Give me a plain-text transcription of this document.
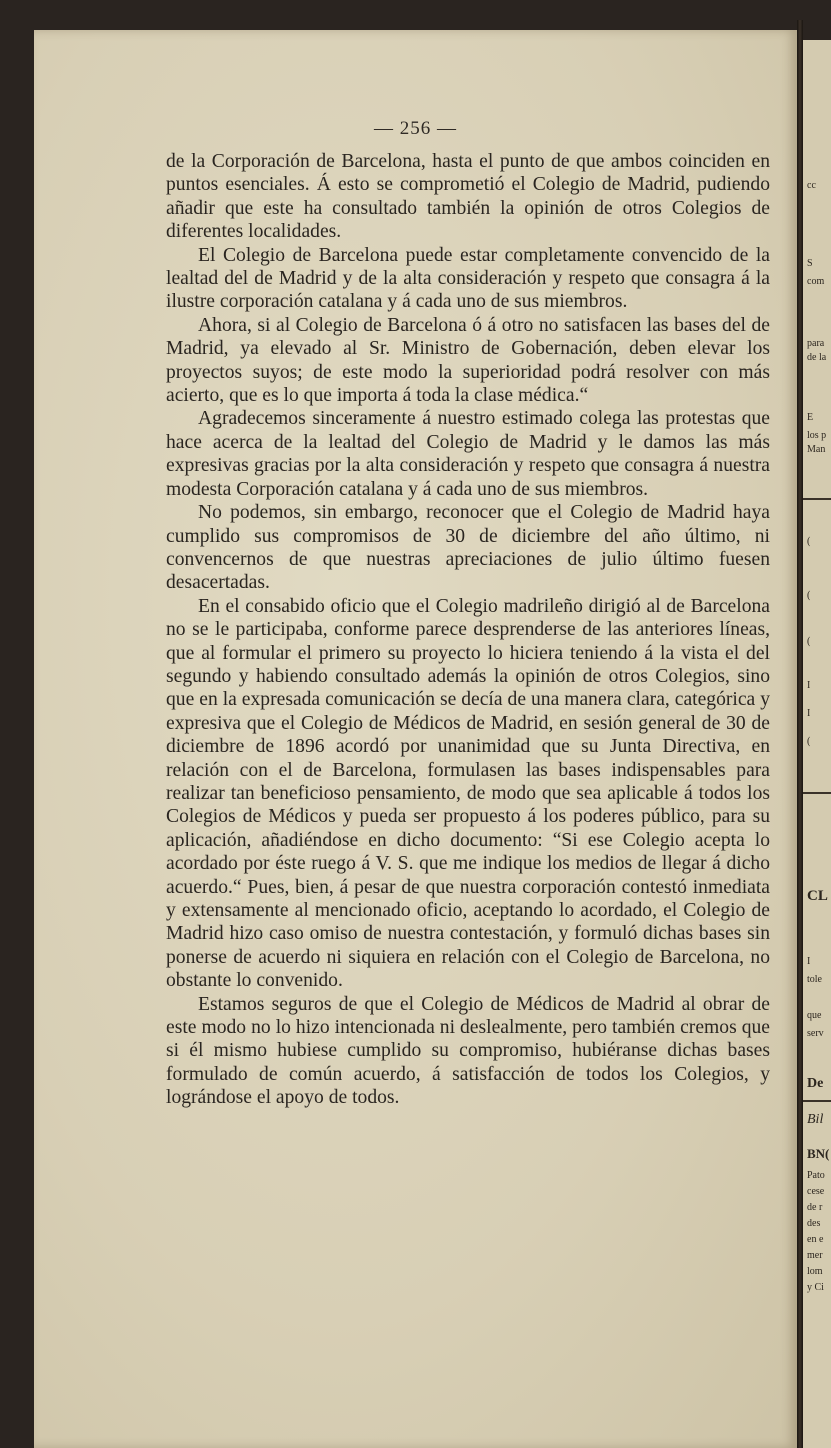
cc
S
com
para
de la
E
los p
Man
(
(
(
I
I
(
CL
I
tole
que
serv
De
Bil
BN(
Pato
cese
de r
des
en e
mer
lom
y Ci
— 256 —

de la Corporación de Barcelona, hasta el punto de que ambos coinciden en puntos esenciales. Á esto se comprometió el Colegio de Madrid, pudiendo añadir que este ha consultado también la opinión de otros Colegios de diferentes localidades.

El Colegio de Barcelona puede estar completamente convencido de la lealtad del de Madrid y de la alta consideración y respeto que consagra á la ilustre corporación catalana y á cada uno de sus miembros.

Ahora, si al Colegio de Barcelona ó á otro no satisfacen las bases del de Madrid, ya elevado al Sr. Ministro de Gobernación, deben elevar los proyectos suyos; de este modo la superioridad podrá resolver con más acierto, que es lo que importa á toda la clase médica.“

Agradecemos sinceramente á nuestro estimado colega las protestas que hace acerca de la lealtad del Colegio de Madrid y le damos las más expresivas gracias por la alta consideración y respeto que consagra á nuestra modesta Corporación catalana y á cada uno de sus miembros.

No podemos, sin embargo, reconocer que el Colegio de Madrid haya cumplido sus compromisos de 30 de diciembre del año último, ni convencernos de que nuestras apreciaciones de julio último fuesen desacertadas.

En el consabido oficio que el Colegio madrileño dirigió al de Barcelona no se le participaba, conforme parece desprenderse de las anteriores líneas, que al formular el primero su proyecto lo hiciera teniendo á la vista el del segundo y habiendo consultado además la opinión de otros Colegios, sino que en la expresada comunicación se decía de una manera clara, categórica y expresiva que el Colegio de Médicos de Madrid, en sesión general de 30 de diciembre de 1896 acordó por unanimidad que su Junta Directiva, en relación con el de Barcelona, formulasen las bases indispensables para realizar tan beneficioso pensamiento, de modo que sea aplicable á todos los Colegios de Médicos y pueda ser propuesto á los poderes público, para su aplicación, añadiéndose en dicho documento: “Si ese Colegio acepta lo acordado por éste ruego á V. S. que me indique los medios de llegar á dicho acuerdo.“ Pues, bien, á pesar de que nuestra corporación contestó inmediata y extensamente al mencionado oficio, aceptando lo acordado, el Colegio de Madrid hizo caso omiso de nuestra contestación, y formuló dichas bases sin ponerse de acuerdo ni siquiera en relación con el Colegio de Barcelona, no obstante lo convenido.

Estamos seguros de que el Colegio de Médicos de Madrid al obrar de este modo no lo hizo intencionada ni deslealmente, pero también cremos que si él mismo hubiese cumplido su compromiso, hubiéranse dichas bases formulado de común acuerdo, á satisfacción de todos los Colegios, y lográndose el apoyo de todos.
